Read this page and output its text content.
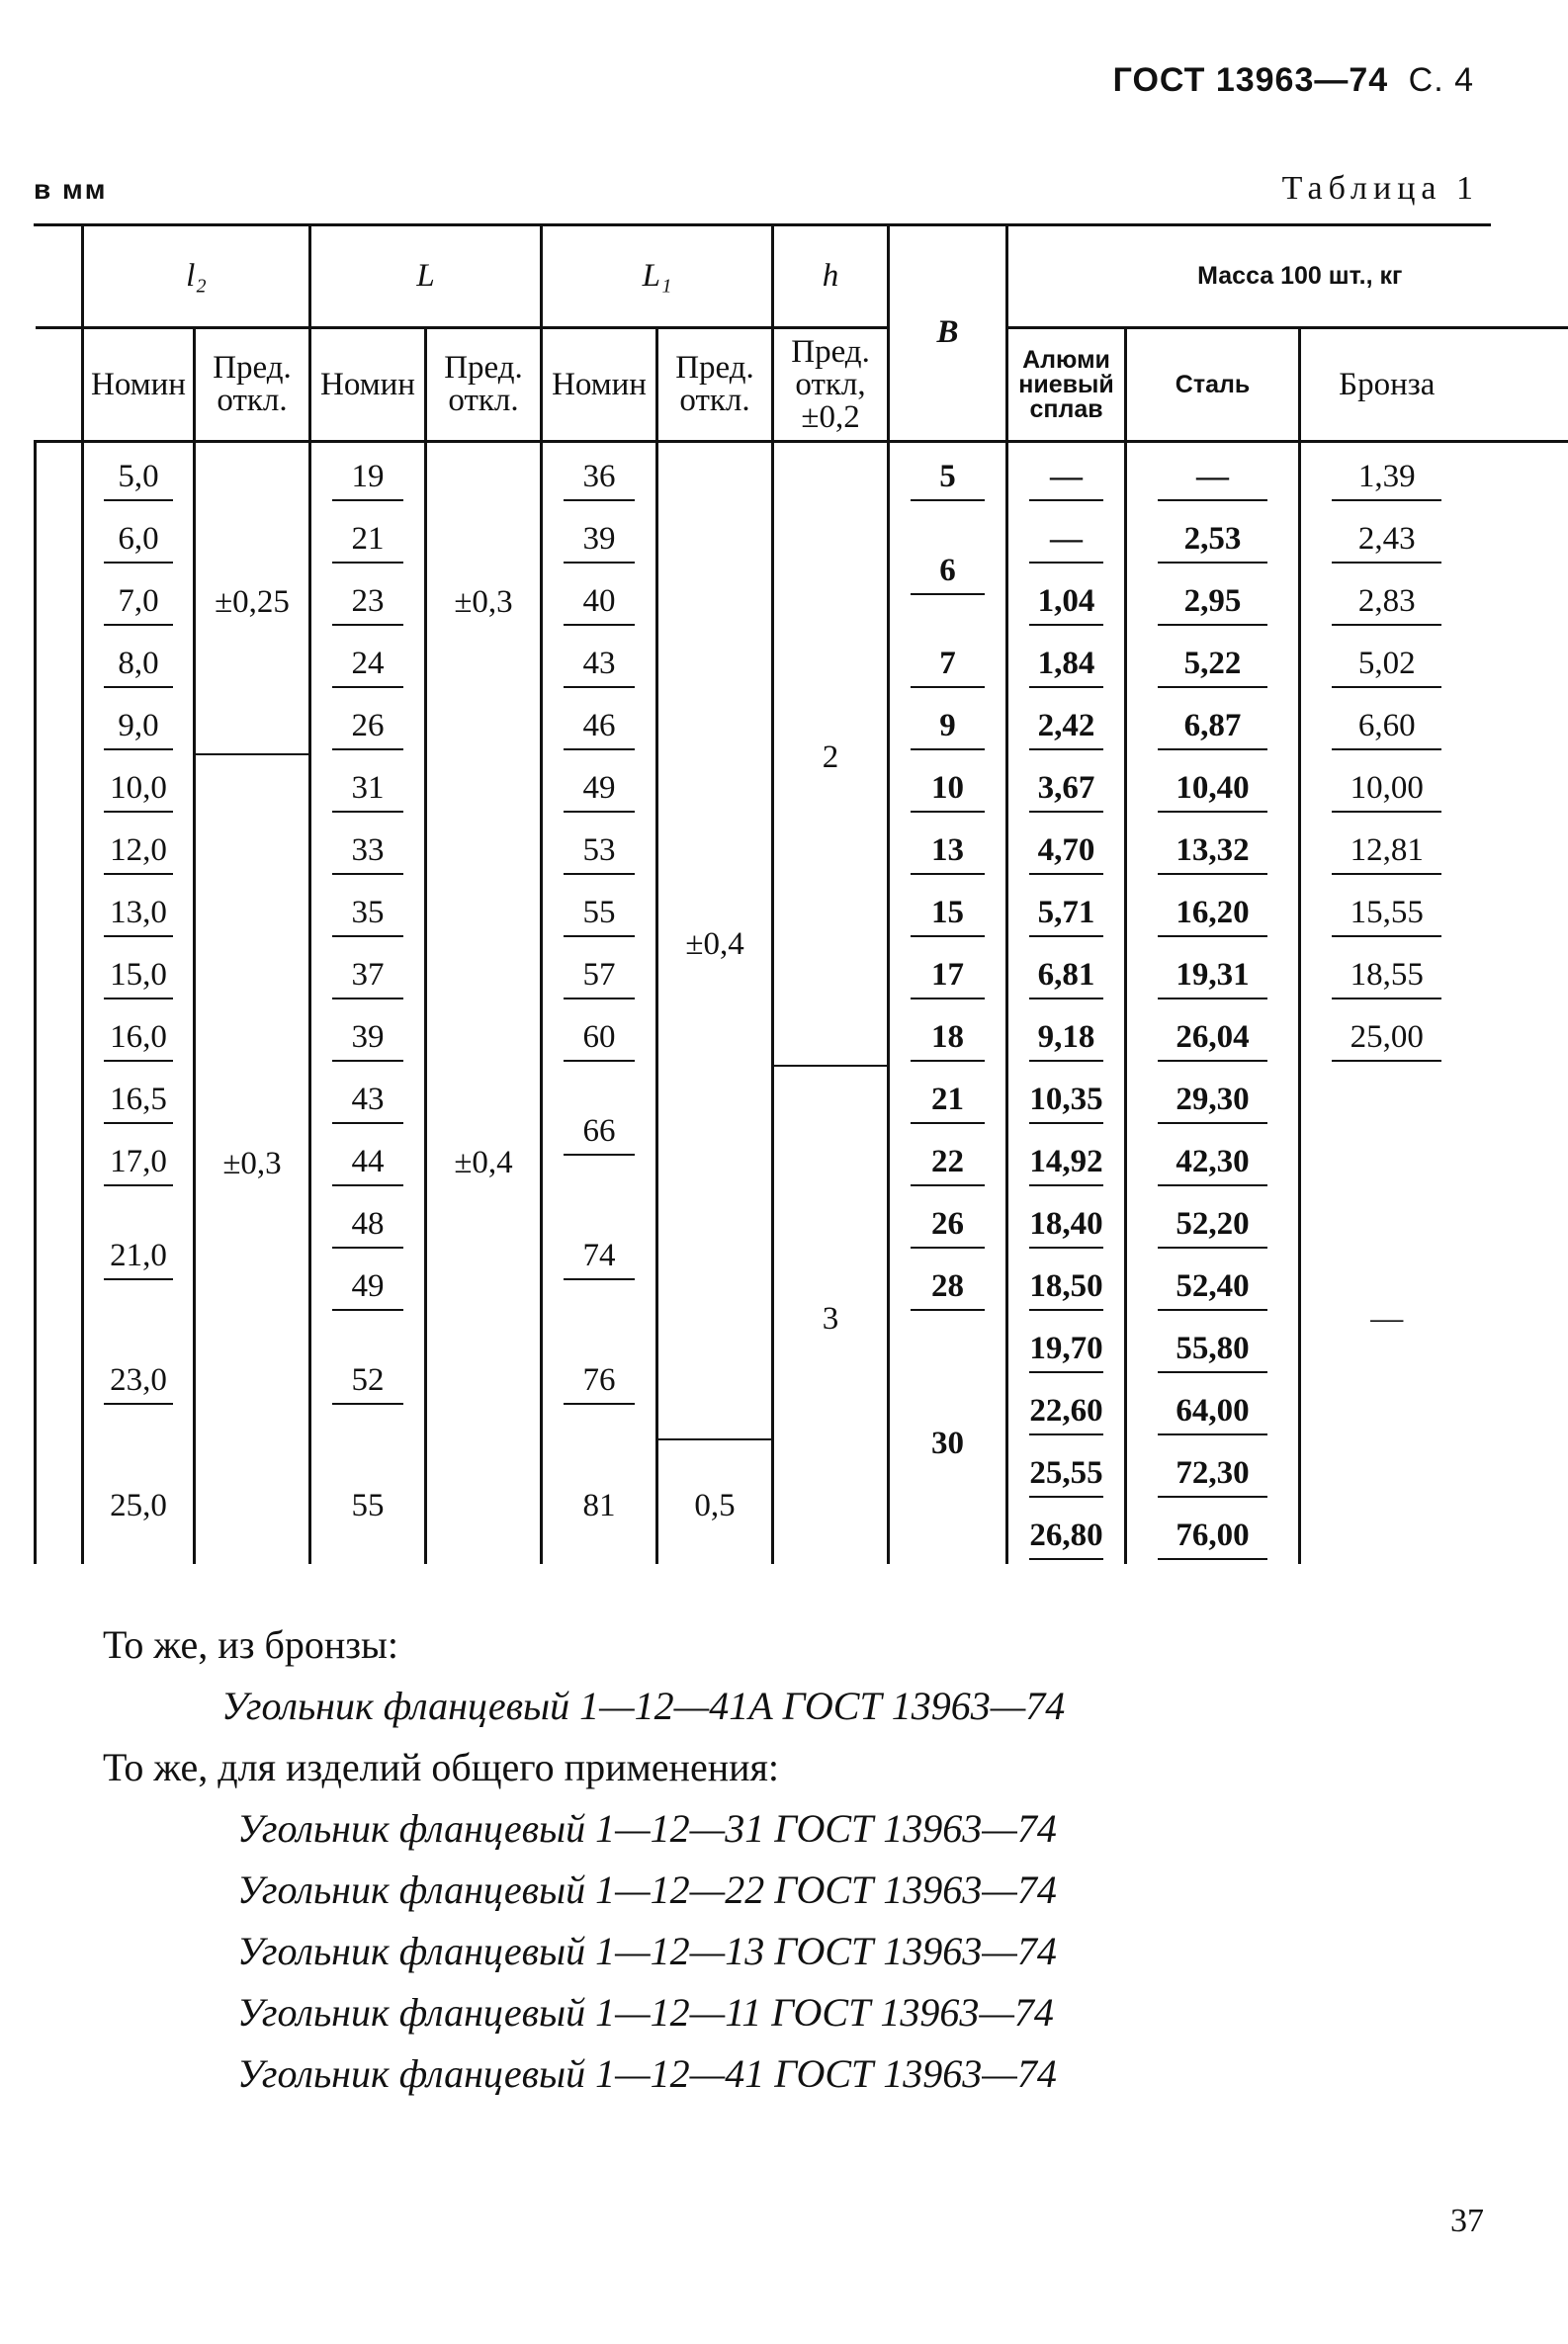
ГОСТ 13963—74 С. 4
в мм	Таблица 1
	l₂		L		L₁		h	B	Масса 100 шт., кг			
	Номин	Пред. откл.	Номин	Пред. откл.	Номин	Пред. откл.	Пред. откл, ±0,2		Алюми ниевый сплав	Сталь	Бронза	
	5,0	±0,25	19	±0,3	36	±0,4	2	5	—	—	1,39	
	6,0		21		39			6	—	2,53	2,43	
	7,0		23		40				1,04	2,95	2,83	
	8,0		24		43			7	1,84	5,22	5,02	
	9,0		26		46			9	2,42	6,87	6,60	
	10,0	±0,3	31	±0,4	49			10	3,67	10,40	10,00	
	12,0		33		53			13	4,70	13,32	12,81	
	13,0		35		55			15	5,71	16,20	15,55	
	15,0		37		57			17	6,81	19,31	18,55	
	16,0		39		60			18	9,18	26,04	25,00	
	16,5		43		66		3	21	10,35	29,30	—	
	17,0		44					22	14,92	42,30		
	21,0		48		74			26	18,40	52,20		
			49					28	18,50	52,40		
	23,0		52		76			30	19,70	55,80		
									22,60	64,00		
	25,0		55		81	0,5			25,55	72,30		
									26,80	76,00		
То же, из бронзы:
Угольник фланцевый 1—12—41А ГОСТ 13963—74
То же, для изделий общего применения:
Угольник фланцевый 1—12—31 ГОСТ 13963—74
Угольник фланцевый 1—12—22 ГОСТ 13963—74
Угольник фланцевый 1—12—13 ГОСТ 13963—74
Угольник фланцевый 1—12—11 ГОСТ 13963—74
Угольник фланцевый 1—12—41 ГОСТ 13963—74
37
